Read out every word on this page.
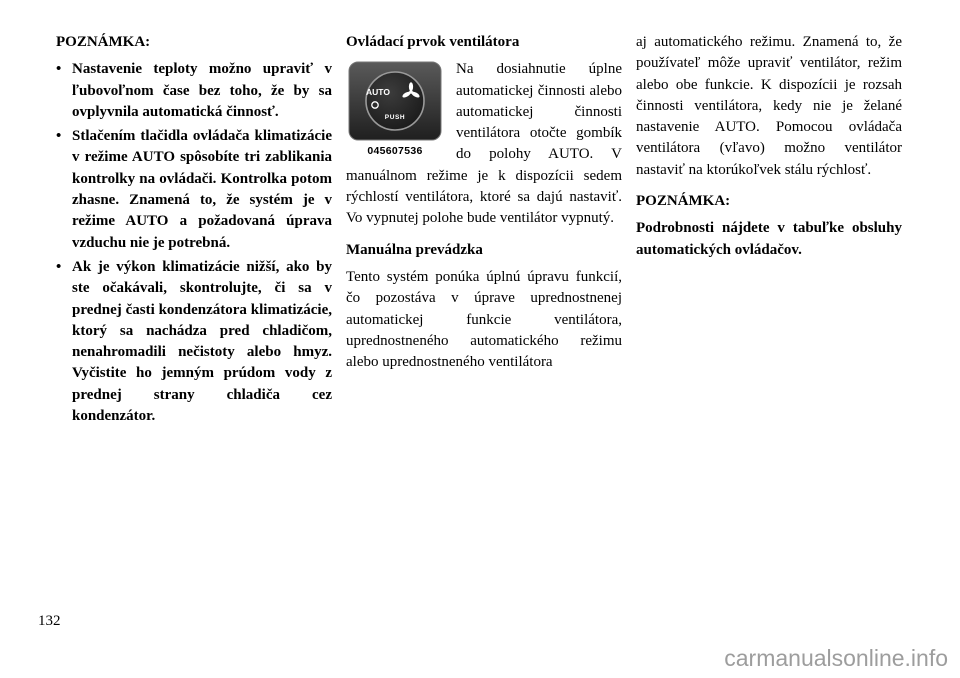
POZNÁMKA:
• Nastavenie teploty možno upraviť v ľubovoľnom čase bez toho, že by sa ovplyvnila automatická činnosť.
• Stlačením tlačidla ovládača klimatizácie v režime AUTO spôsobíte tri zablikania kontrolky na ovládači. Kontrolka potom zhasne. Znamená to, že systém je v režime AUTO a požadovaná úprava vzduchu nie je potrebná.
• Ak je výkon klimatizácie nižší, ako by ste očakávali, skontrolujte, či sa v prednej časti kondenzátora klimatizácie, ktorý sa nachádza pred chladičom, nenahromadili nečistoty alebo hmyz. Vyčistite ho jemným prúdom vody z prednej strany chladiča cez kondenzátor.
Ovládací prvok ventilátora
AUTO
PUSH
045607536

Na dosiahnutie úplne automatickej činnosti alebo automatickej činnosti ventilátora otočte gombík do polohy AUTO. V manuálnom režime je k dispozícii sedem rýchlostí ventilátora, ktoré sa dajú nastaviť. Vo vypnutej polohe bude ventilátor vypnutý.

Manuálna prevádzka

Tento systém ponúka úplnú úpravu funkcií, čo pozostáva v úprave uprednostnenej automatickej funkcie ventilátora, uprednostneného automatického režimu alebo uprednostneného ventilátora

aj automatického režimu. Znamená to, že používateľ môže upraviť ventilátor, režim alebo obe funkcie. K dispozícii je rozsah činnosti ventilátora, kedy nie je želané nastavenie AUTO. Pomocou ovládača ventilátora (vľavo) možno ventilátor nastaviť na ktorúkoľvek stálu rýchlosť.

POZNÁMKA:

Podrobnosti nájdete v tabuľke obsluhy automatických ovládačov.

132
carmanualsonline.info
